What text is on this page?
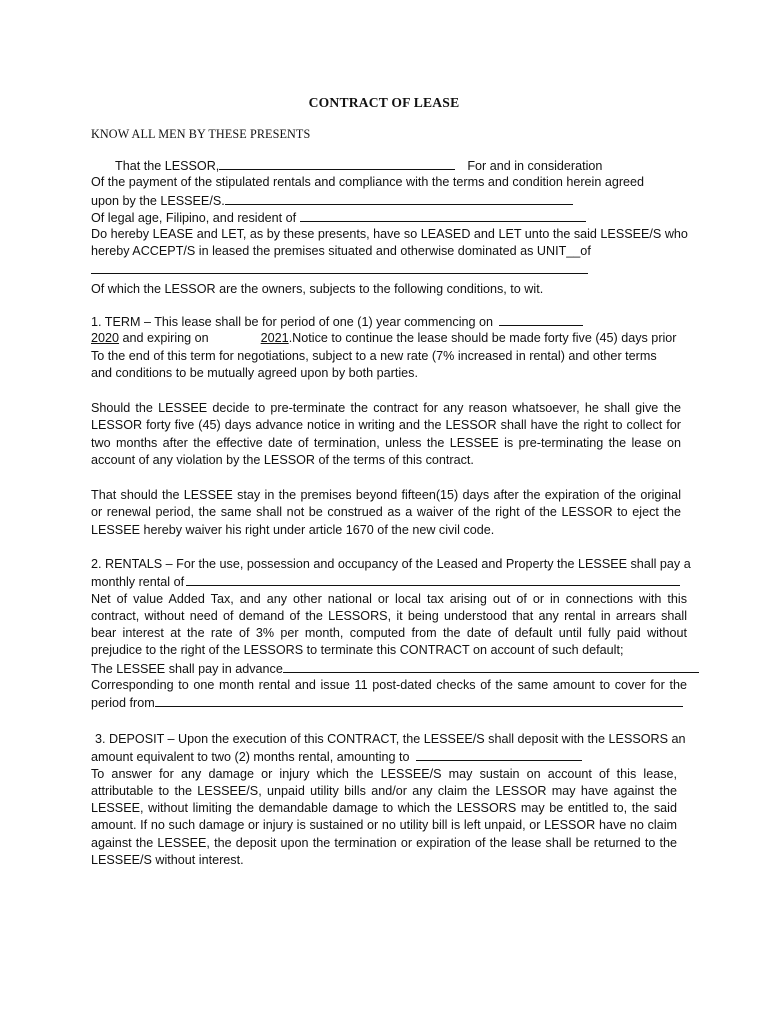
CONTRACT OF LEASE
KNOW ALL MEN BY THESE PRESENTS
That the LESSOR,	For and in consideration
Of the payment of the stipulated rentals and compliance with the terms and condition herein agreed
upon by the LESSEE/S.
Of legal age, Filipino, and resident of
Do hereby LEASE and LET, as by these presents, have so LEASED and LET unto the said LESSEE/S who
hereby ACCEPT/S in leased the premises situated and otherwise dominated as UNIT__of
Of which the LESSOR are the owners, subjects to the following conditions, to wit.
1. TERM – This lease shall be for period of one (1) year commencing on
2020 and expiring on	2021.Notice to continue the lease should be made forty five (45) days prior
To the end of this term for negotiations, subject to a new rate (7% increased in rental) and other terms
and conditions to be mutually agreed upon by both parties.
Should the LESSEE decide to pre-terminate the contract for any reason whatsoever, he shall give the
LESSOR forty five (45) days advance notice in writing and the LESSOR shall have the right to collect for
two months after the effective date of termination, unless the LESSEE is pre-terminating the lease on
account of any violation by the LESSOR of the terms of this contract.
That should the LESSEE stay in the premises beyond fifteen(15) days after the expiration of the original
or renewal period, the same shall not be construed as a waiver of the right of the LESSOR to eject the
LESSEE hereby waiver his right under article 1670 of the new civil code.
2. RENTALS – For the use, possession and occupancy of the Leased and Property the LESSEE shall pay a
monthly rental of
Net of value Added Tax, and any other national or local tax arising out of or in connections with this
contract, without need of demand of the LESSORS, it being understood that any rental in arrears shall
bear interest at the rate of 3% per month, computed from the date of default until fully paid without
prejudice to the right of the LESSORS to terminate this CONTRACT on account of such default;
The LESSEE shall pay in advance
Corresponding to one month rental and issue 11 post-dated checks of the same amount to cover for the
period from
3. DEPOSIT – Upon the execution of this CONTRACT, the LESSEE/S shall deposit with the LESSORS an
amount equivalent to two (2) months rental, amounting to
To answer for any damage or injury which the LESSEE/S may sustain on account of this lease,
attributable to the LESSEE/S, unpaid utility bills and/or any claim the LESSOR may have against the
LESSEE, without limiting the demandable damage to which the LESSORS may be entitled to, the said
amount. If no such damage or injury is sustained or no utility bill is left unpaid, or LESSOR have no claim
against the LESSEE, the deposit upon the termination or expiration of the lease shall be returned to the
LESSEE/S without interest.
